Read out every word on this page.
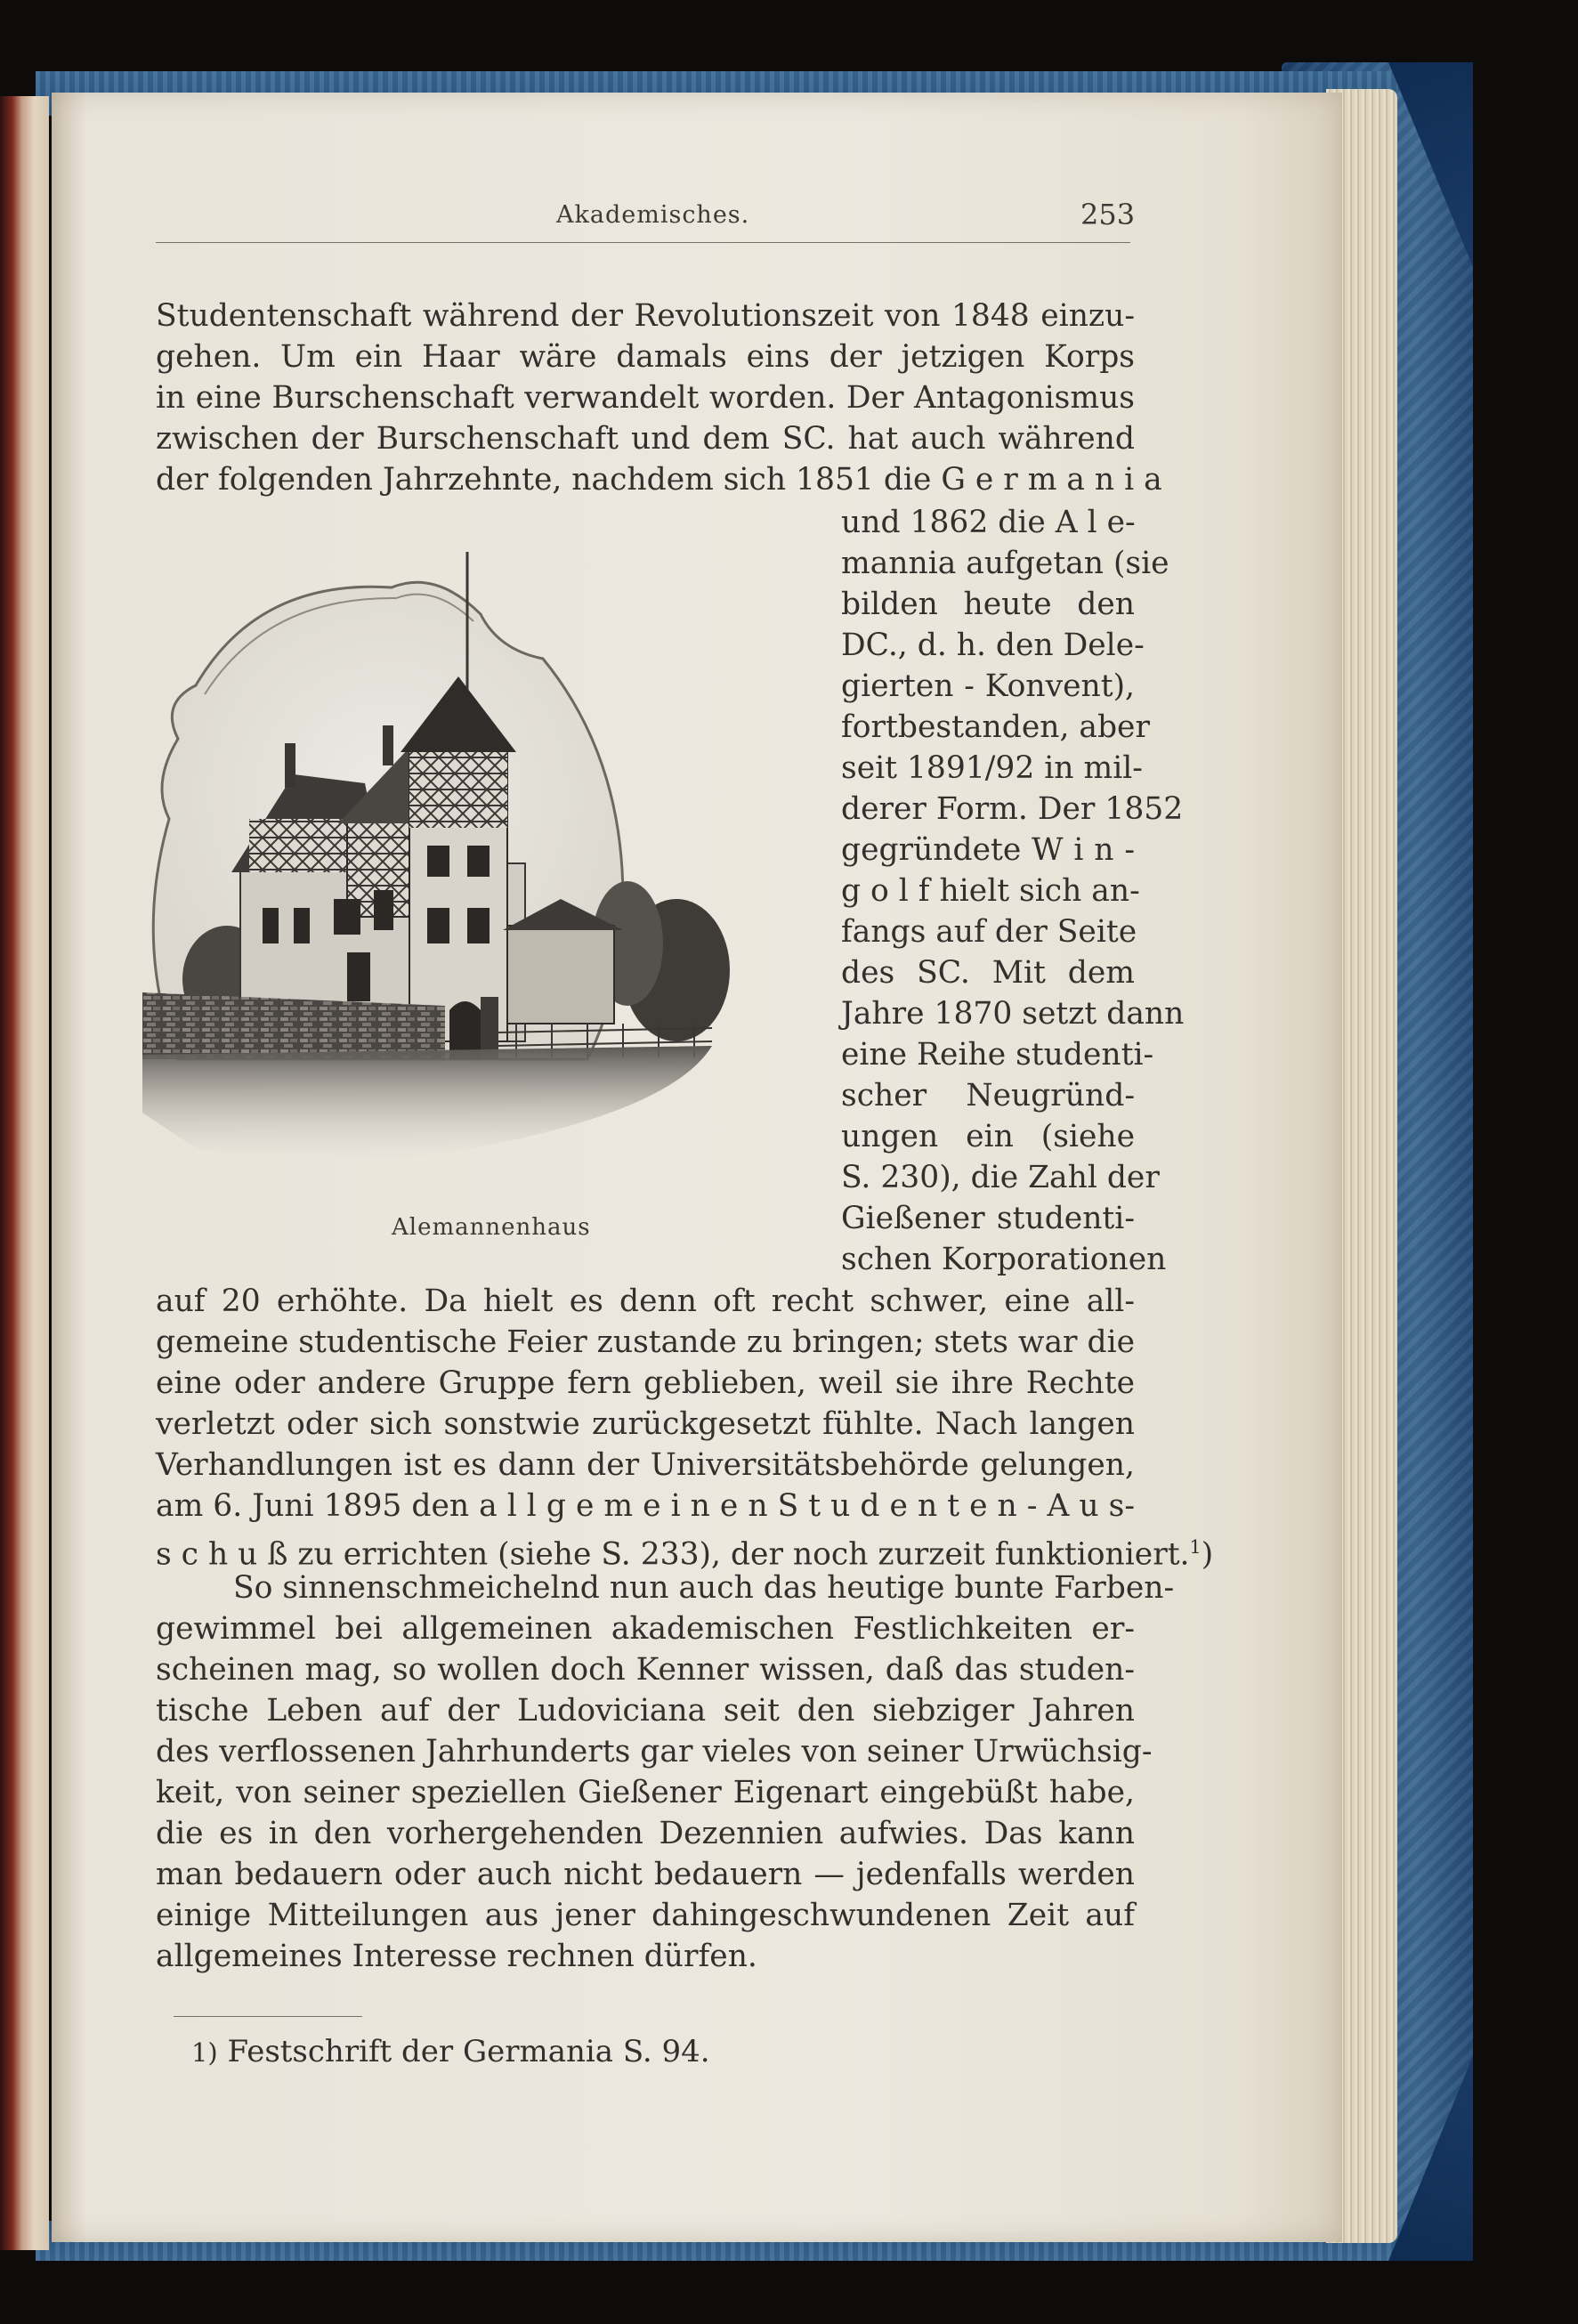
Akademisches.	253
Studentenschaft während der Revolutionszeit von 1848 einzu-
gehen. Um ein Haar wäre damals eins der jetzigen Korps
in eine Burschenschaft verwandelt worden. Der Antagonismus
zwischen der Burschenschaft und dem SC. hat auch während
der folgenden Jahrzehnte, nachdem sich 1851 die G e r m a n i a
und 1862 die A l e-
mannia aufgetan (sie
bilden heute den
DC., d. h. den Dele-
gierten - Konvent),
fortbestanden, aber
seit 1891/92 in mil-
derer Form. Der 1852
gegründete W i n -
g o l f hielt sich an-
fangs auf der Seite
des SC. Mit dem
Jahre 1870 setzt dann
eine Reihe studenti-
scher Neugründ-
ungen ein (siehe
S. 230), die Zahl der
Gießener studenti-
schen Korporationen
Alemannenhaus
auf 20 erhöhte. Da hielt es denn oft recht schwer, eine all-
gemeine studentische Feier zustande zu bringen; stets war die
eine oder andere Gruppe fern geblieben, weil sie ihre Rechte
verletzt oder sich sonstwie zurückgesetzt fühlte. Nach langen
Verhandlungen ist es dann der Universitätsbehörde gelungen,
am 6. Juni 1895 den a l l g e m e i n e n S t u d e n t e n - A u s-
s c h u ß zu errichten (siehe S. 233), der noch zurzeit funktioniert.$^1$)
So sinnenschmeichelnd nun auch das heutige bunte Farben-
gewimmel bei allgemeinen akademischen Festlichkeiten er-
scheinen mag, so wollen doch Kenner wissen, daß das studen-
tische Leben auf der Ludoviciana seit den siebziger Jahren
des verflossenen Jahrhunderts gar vieles von seiner Urwüchsig-
keit, von seiner speziellen Gießener Eigenart eingebüßt habe,
die es in den vorhergehenden Dezennien aufwies. Das kann
man bedauern oder auch nicht bedauern — jedenfalls werden
einige Mitteilungen aus jener dahingeschwundenen Zeit auf
allgemeines Interesse rechnen dürfen.
1) Festschrift der Germania S. 94.
